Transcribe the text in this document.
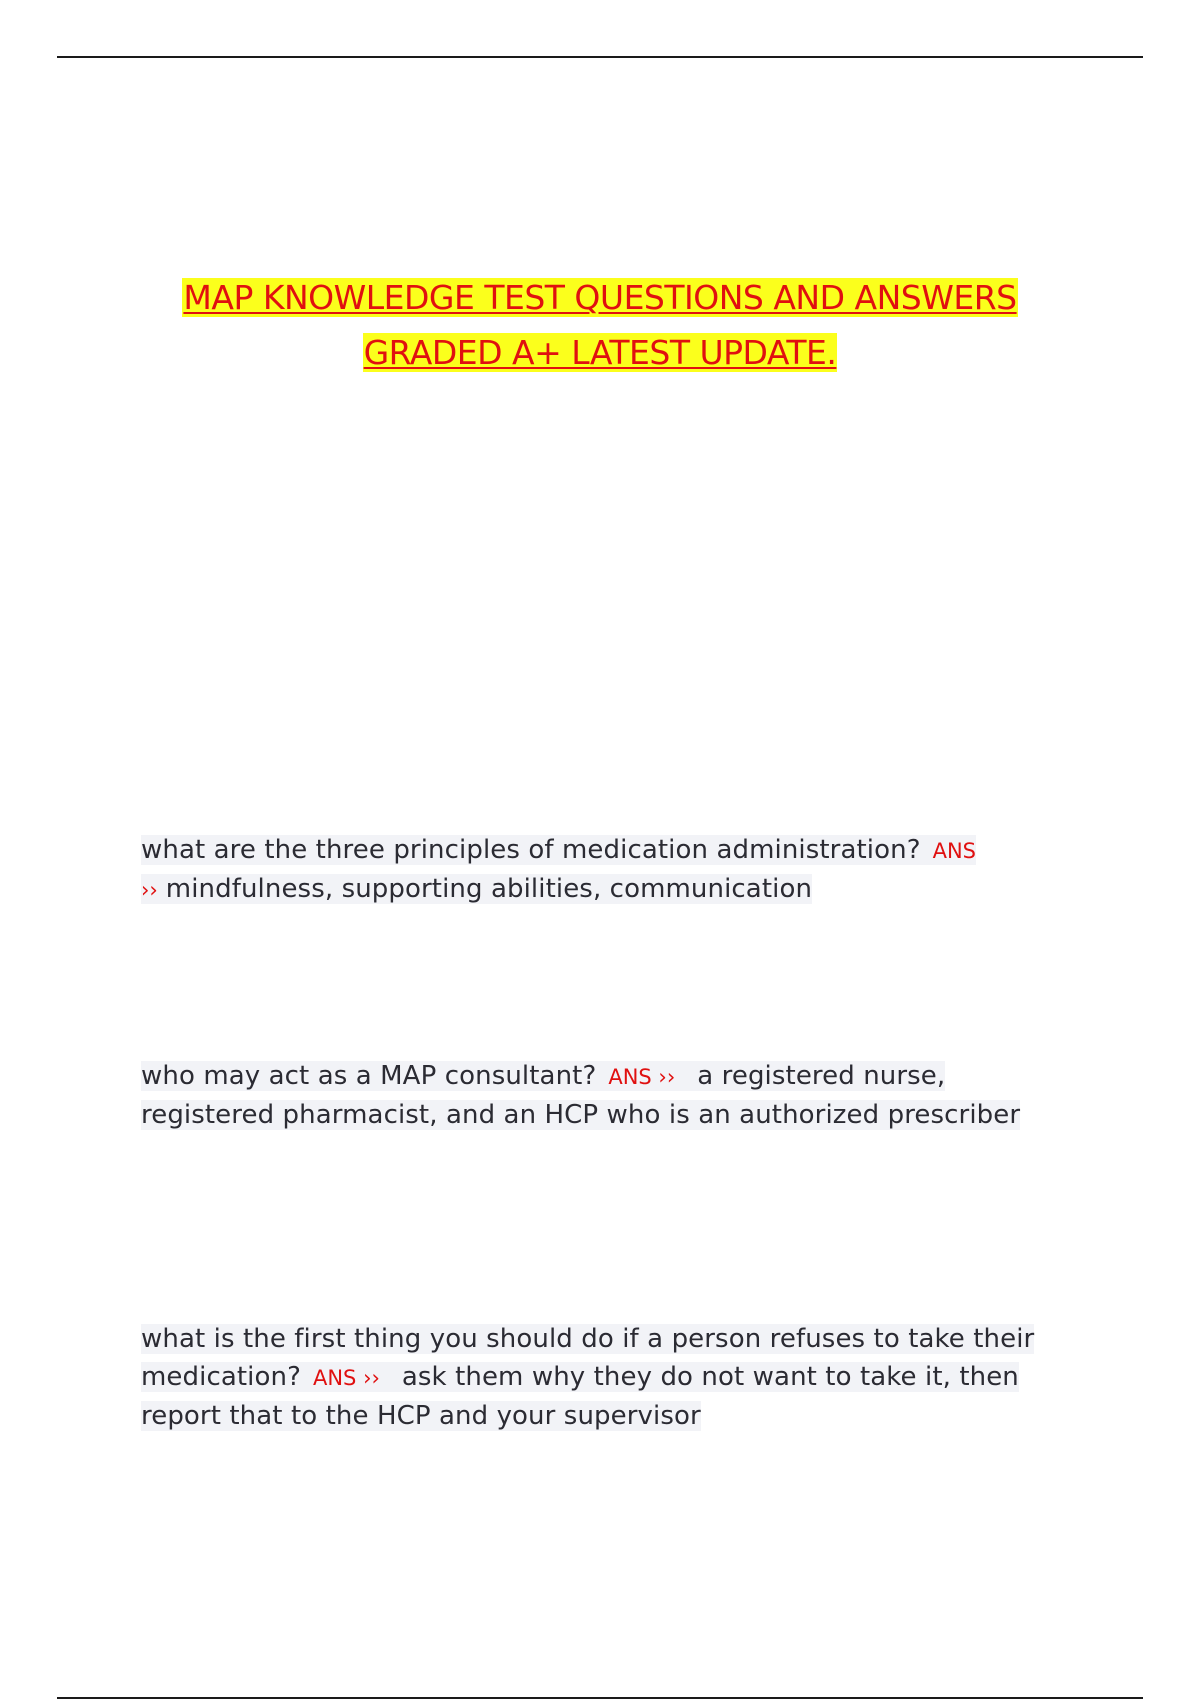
MAP KNOWLEDGE TEST QUESTIONS AND ANSWERS
GRADED A+ LATEST UPDATE.
what are the three principles of medication administration? ANS ›› mindfulness, supporting abilities, communication
who may act as a MAP consultant? ANS ›› a registered nurse, registered pharmacist, and an HCP who is an authorized prescriber
what is the first thing you should do if a person refuses to take their medication? ANS ›› ask them why they do not want to take it, then report that to the HCP and your supervisor
